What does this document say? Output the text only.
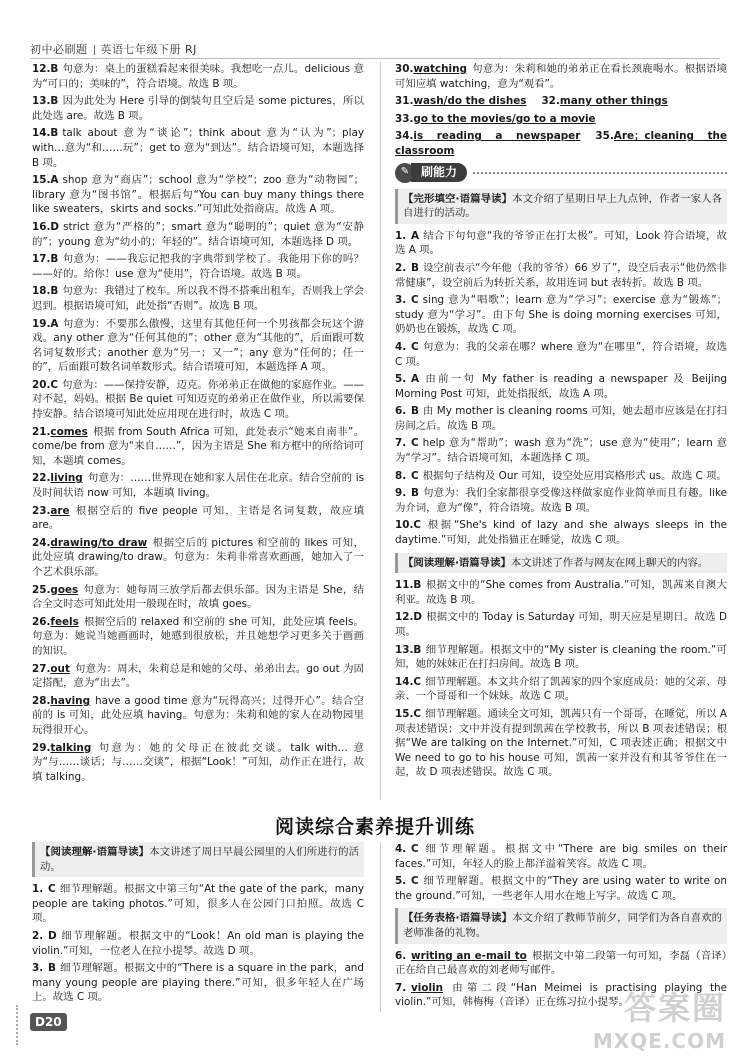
初中必刷题 英语七年级下册 RJ
12.B 句意为：桌上的蛋糕看起来很美味。我想吃一点儿。delicious 意为“可口的；美味的”，符合语境。故选 B 项。
13.B 因为此处为 Here 引导的倒装句且空后是 some pictures，所以此处选 are。故选 B 项。
14.B talk about 意为“谈论”；think about 意为“认为”；play with…意为“和……玩”；get to 意为“到达”。结合语境可知，本题选择 B 项。
15.A shop 意为“商店”；school 意为“学校”；zoo 意为“动物园”；library 意为“图书馆”。根据后句“You can buy many things there like sweaters，skirts and socks.”可知此处指商店。故选 A 项。
16.D strict 意为“严格的”；smart 意为“聪明的”；quiet 意为“安静的”；young 意为“幼小的；年轻的”。结合语境可知，本题选择 D 项。
17.B 句意为：——我忘记把我的字典带到学校了。我能用下你的吗？——好的。给你！use 意为“使用”，符合语境。故选 B 项。
18.B 句意为：我错过了校车。所以我不得不搭乘出租车，否则我上学会迟到。根据语境可知，此处指“否则”。故选 B 项。
19.A 句意为：不要那么傲慢，这里有其他任何一个男孩都会玩这个游戏。any other 意为“任何其他的”；other 意为“其他的”，后面跟可数名词复数形式；another 意为“另一；又一”；any 意为“任何的；任一的”，后面跟可数名词单数形式。结合语境可知，本题选择 A 项。
20.C 句意为：——保持安静，迈克。你弟弟正在做他的家庭作业。——对不起，妈妈。根据 Be quiet 可知迈克的弟弟正在做作业，所以需要保持安静。结合语境可知此处应用现在进行时，故选 C 项。
21.comes 根据 from South Africa 可知，此处表示“她来自南非”。come/be from 意为“来自……”，因为主语是 She 和方框中的所给词可知，本题填 comes。
22.living 句意为：……世界现在她和家人居住在北京。结合空前的 is 及时间状语 now 可知，本题填 living。
23.are 根据空后的 five people 可知，主语是名词复数，故应填 are。
24.drawing/to draw 根据空后的 pictures 和空前的 likes 可知，此处应填 drawing/to draw。句意为：朱莉非常喜欢画画，她加入了一个艺术俱乐部。
25.goes 句意为：她每周三放学后都去俱乐部。因为主语是 She，结合全文时态可知此处用一般现在时，故填 goes。
26.feels 根据空后的 relaxed 和空前的 she 可知，此处应填 feels。句意为：她说当她画画时，她感到很放松，并且她想学习更多关于画画的知识。
27.out 句意为：周末，朱莉总是和她的父母、弟弟出去。go out 为固定搭配，意为“出去”。
28.having have a good time 意为“玩得高兴；过得开心”。结合空前的 is 可知，此处应填 having。句意为：朱莉和她的家人在动物园里玩得很开心。
29.talking 句意为：她的父母正在彼此交谈。talk with… 意为“与……谈话；与……交谈”，根据“Look！”可知，动作正在进行，故填 talking。
30.watching 句意为：朱莉和她的弟弟正在看长颈鹿喝水。根据语境可知应填 watching，意为“观看”。
31.wash/do the dishes 32.many other things
33.go to the movies/go to a movie
34.is reading a newspaper 35.Are；cleaning the classroom
✎ 刷能力
【完形填空·语篇导读】本文介绍了星期日早上九点钟，作者一家人各自进行的活动。
1. A 结合下句句意“我的爷爷正在打太极”。可知，Look 符合语境，故选 A 项。
2. B 设空前表示“今年他（我的爷爷）66 岁了”，设空后表示“他仍然非常健康”，设空前后为转折关系，故用连词 but 表转折。故选 B 项。
3. C sing 意为“唱歌”；learn 意为“学习”；exercise 意为“锻炼”；study 意为“学习”。由下句 She is doing morning exercises 可知，奶奶也在锻炼，故选 C 项。
4. C 句意为：我的父亲在哪？where 意为“在哪里”，符合语境，故选 C 项。
5. A 由前一句 My father is reading a newspaper 及 Beijing Morning Post 可知，此处指报纸，故选 A 项。
6. B 由 My mother is cleaning rooms 可知，她去超市应该是在打扫房间之后。故选 B 项。
7. C help 意为“帮助”；wash 意为“洗”；use 意为“使用”；learn 意为“学习”。结合语境可知，本题选择 C 项。
8. C 根据句子结构及 Our 可知，设空处应用宾格形式 us。故选 C 项。
9. B 句意为：我们全家都很享受像这样做家庭作业简单而且有趣。like 为介词，意为“像”，符合语境。故选 B 项。
10.C 根据“She's kind of lazy and she always sleeps in the daytime.”可知，此处指猫正在睡觉，故选 C 项。
【阅读理解·语篇导读】本文讲述了作者与网友在网上聊天的内容。
11.B 根据文中的“She comes from Australia.”可知，凯茜来自澳大利亚。故选 B 项。
12.D 根据文中的 Today is Saturday 可知，明天应是星期日。故选 D 项。
13.B 细节理解题。根据文中的“My sister is cleaning the room.”可知，她的妹妹正在打扫房间。故选 B 项。
14.C 细节理解题。本文共介绍了凯茜家的四个家庭成员：她的父亲、母亲、一个哥哥和一个妹妹。故选 C 项。
15.C 细节理解题。通读全文可知，凯茜只有一个哥哥，在睡觉，所以 A 项表述错误；文中并没有提到凯茜在学校教书，所以 B 项表述错误；根据“We are talking on the Internet.”可知，C 项表述正确；根据文中 We need to go to his house 可知，凯茜一家并没有和其爷爷住在一起，故 D 项表述错误。故选 C 项。
阅读综合素养提升训练
【阅读理解·语篇导读】本文讲述了周日早晨公园里的人们所进行的活动。
1. C 细节理解题。根据文中第三句“At the gate of the park，many people are taking photos.”可知，很多人在公园门口拍照。故选 C 项。
2. D 细节理解题。根据文中的“Look！An old man is playing the violin.”可知，一位老人在拉小提琴。故选 D 项。
3. B 细节理解题。根据文中的“There is a square in the park，and many young people are playing there.”可知，很多年轻人在广场上。故选 C 项。
4. C 细节理解题。根据文中“There are big smiles on their faces.”可知，年轻人的脸上都洋溢着笑容。故选 C 项。
5. C 细节理解题。根据文中的“They are using water to write on the ground.”可知，一些老年人用水在地上写字。故选 C 项。
【任务表格·语篇导读】本文介绍了教师节前夕，同学们为各自喜欢的老师准备的礼物。
6. writing an e-mail to 根据文中第二段第一句可知，李磊（音译）正在给自己最喜欢的刘老师写邮件。
7. violin 由第二段“Han Meimei is practising playing the violin.”可知，韩梅梅（音译）正在练习拉小提琴。
D20	答案圈
MXQE.COM
